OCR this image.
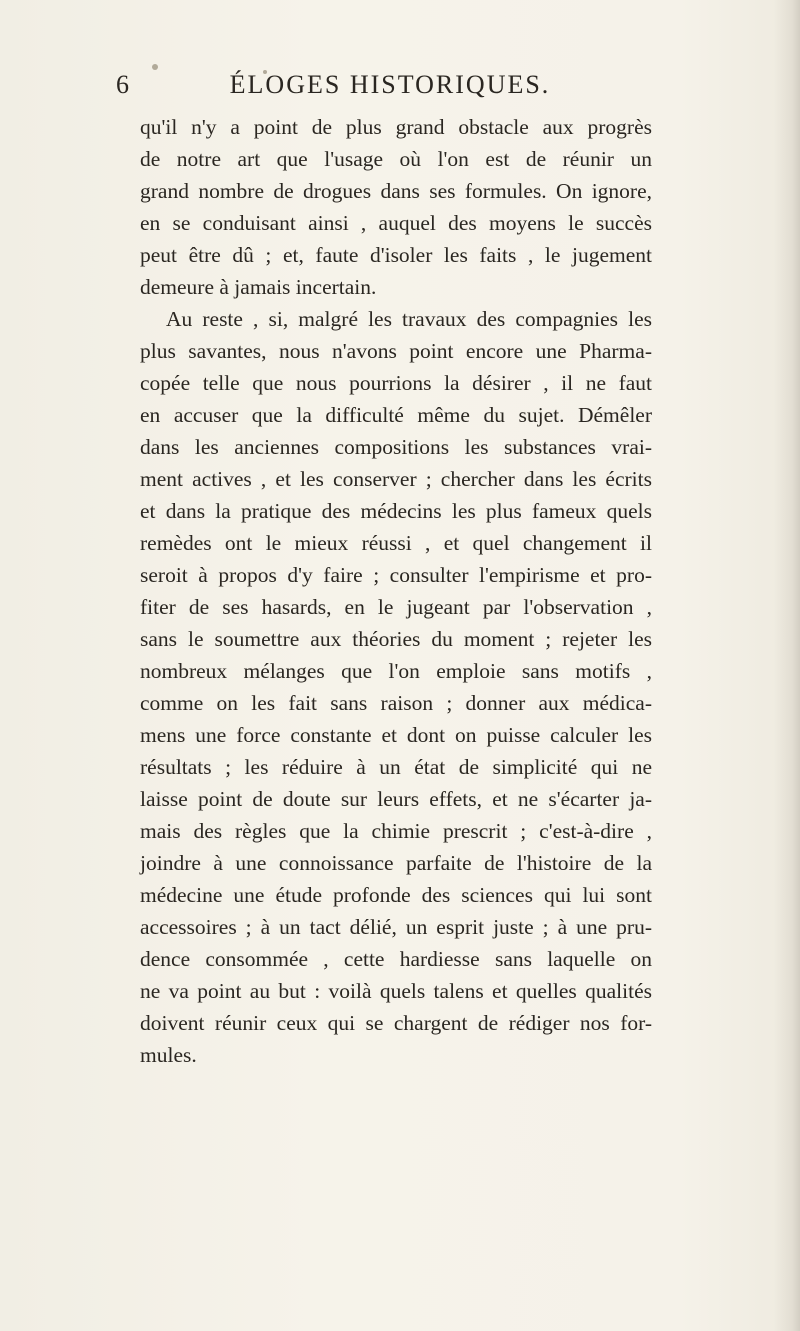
6	ÉLOGES HISTORIQUES.
qu'il n'y a point de plus grand obstacle aux progrès
de notre art que l'usage où l'on est de réunir un
grand nombre de drogues dans ses formules. On ignore,
en se conduisant ainsi , auquel des moyens le succès
peut être dû ; et, faute d'isoler les faits , le jugement
demeure à jamais incertain.
Au reste , si, malgré les travaux des compagnies les
plus savantes, nous n'avons point encore une Pharma-
copée telle que nous pourrions la désirer , il ne faut
en accuser que la difficulté même du sujet. Démêler
dans les anciennes compositions les substances vrai-
ment actives , et les conserver ; chercher dans les écrits
et dans la pratique des médecins les plus fameux quels
remèdes ont le mieux réussi , et quel changement il
seroit à propos d'y faire ; consulter l'empirisme et pro-
fiter de ses hasards, en le jugeant par l'observation ,
sans le soumettre aux théories du moment ; rejeter les
nombreux mélanges que l'on emploie sans motifs ,
comme on les fait sans raison ; donner aux médica-
mens une force constante et dont on puisse calculer les
résultats ; les réduire à un état de simplicité qui ne
laisse point de doute sur leurs effets, et ne s'écarter ja-
mais des règles que la chimie prescrit ; c'est-à-dire ,
joindre à une connoissance parfaite de l'histoire de la
médecine une étude profonde des sciences qui lui sont
accessoires ; à un tact délié, un esprit juste ; à une pru-
dence consommée , cette hardiesse sans laquelle on
ne va point au but : voilà quels talens et quelles qualités
doivent réunir ceux qui se chargent de rédiger nos for-
mules.
